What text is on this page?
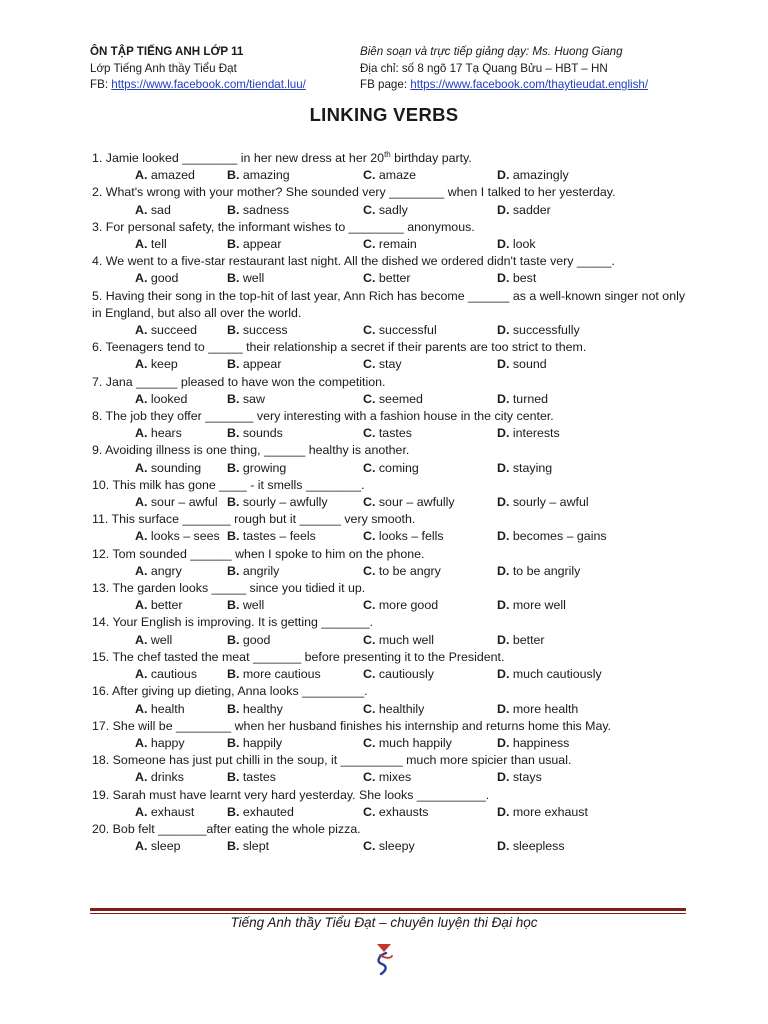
ÔN TẬP TIẾNG ANH LỚP 11	Biên soạn và trực tiếp giảng dạy: Ms. Huong Giang
Lớp Tiếng Anh thầy Tiểu Đạt	Địa chỉ: số 8 ngõ 17 Tạ Quang Bửu – HBT – HN
FB: https://www.facebook.com/tiendat.luu/	FB page: https://www.facebook.com/thaytieudat.english/
LINKING VERBS
1. Jamie looked ________ in her new dress at her 20th birthday party.
A. amazed	B. amazing	C. amaze	D. amazingly
2. What's wrong with your mother? She sounded very ________ when I talked to her yesterday.
A. sad	B. sadness	C. sadly	D. sadder
3. For personal safety, the informant wishes to ________ anonymous.
A. tell	B. appear	C. remain	D. look
4. We went to a five-star restaurant last night. All the dished we ordered didn't taste very _____.
A. good	B. well	C. better	D. best
5. Having their song in the top-hit of last year, Ann Rich has become ______ as a well-known singer not only in England, but also all over the world.
A. succeed	B. success	C. successful	D. successfully
6. Teenagers tend to _____ their relationship a secret if their parents are too strict to them.
A. keep	B. appear	C. stay	D. sound
7. Jana ______ pleased to have won the competition.
A. looked	B. saw	C. seemed	D. turned
8. The job they offer _______ very interesting with a fashion house in the city center.
A. hears	B. sounds	C. tastes	D. interests
9. Avoiding illness is one thing, ______ healthy is another.
A. sounding	B. growing	C. coming	D. staying
10. This milk has gone ____ - it smells ________.
A. sour – awful B. sourly – awfully	C. sour – awfully	D. sourly – awful
11. This surface _______ rough but it ______ very smooth.
A. looks – sees B. tastes – feels	C. looks – fells	D. becomes – gains
12. Tom sounded ______ when I spoke to him on the phone.
A. angry	B. angrily	C. to be angry	D. to be angrily
13. The garden looks _____ since you tidied it up.
A. better	B. well	C. more good	D. more well
14. Your English is improving. It is getting _______.
A. well	B. good	C. much well	D. better
15. The chef tasted the meat _______ before presenting it to the President.
A. cautious	B. more cautious	C. cautiously	D. much cautiously
16. After giving up dieting, Anna looks _________.
A. health	B. healthy	C. healthily	D. more health
17. She will be ________ when her husband finishes his internship and returns home this May.
A. happy	B. happily	C. much happily	D. happiness
18. Someone has just put chilli in the soup, it _________ much more spicier than usual.
A. drinks	B. tastes	C. mixes	D. stays
19. Sarah must have learnt very hard yesterday. She looks __________.
A. exhaust	B. exhauted	C. exhausts	D. more exhaust
20. Bob felt _______after eating the whole pizza.
A. sleep	B. slept	C. sleepy	D. sleepless
Tiếng Anh thầy Tiểu Đạt – chuyên luyện thi Đại học
